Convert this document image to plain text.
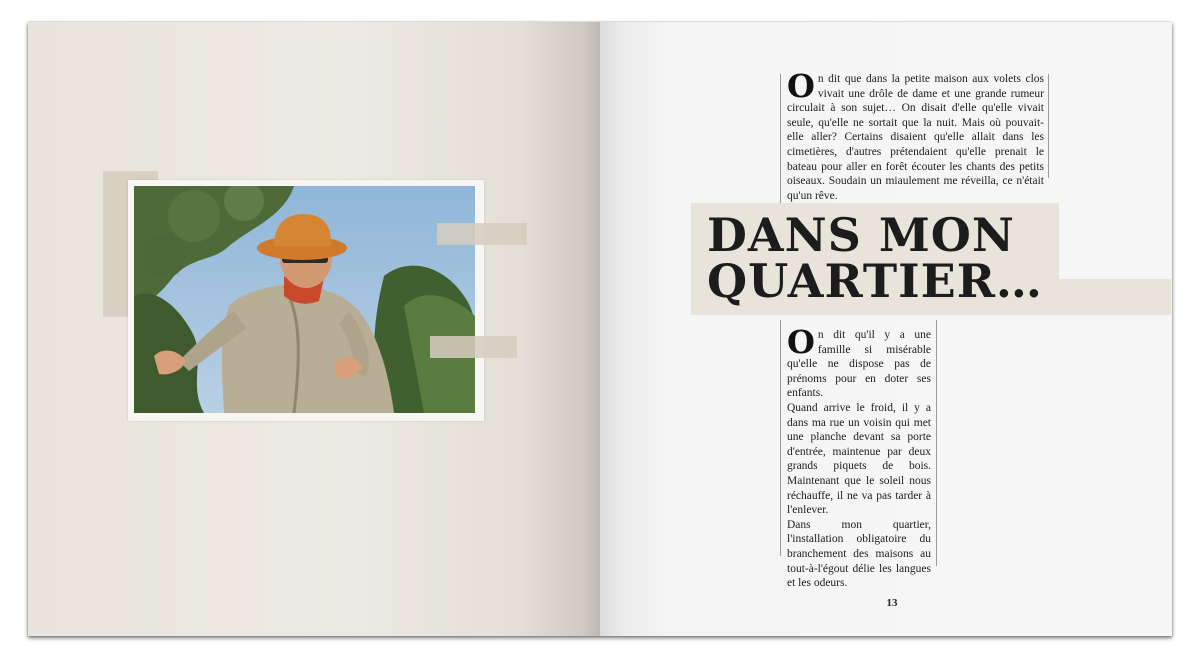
On dit que dans la petite maison aux volets clos vivait une drôle de dame et une grande rumeur circulait à son sujet… On disait d'elle qu'elle vivait seule, qu'elle ne sortait que la nuit. Mais où pouvait-elle aller? Certains disaient qu'elle allait dans les cimetières, d'autres prétendaient qu'elle prenait le bateau pour aller en forêt écouter les chants des petits oiseaux. Soudain un miaulement me réveilla, ce n'était qu'un rêve.

DANS MON
QUARTIER…

On dit qu'il y a une famille si misérable qu'elle ne dispose pas de prénoms pour en doter ses enfants.

Quand arrive le froid, il y a dans ma rue un voisin qui met une planche devant sa porte d'entrée, maintenue par deux grands piquets de bois. Maintenant que le soleil nous réchauffe, il ne va pas tarder à l'enlever.

Dans mon quartier, l'installation obligatoire du branchement des maisons au tout-à-l'égout délie les langues et les odeurs.

13
